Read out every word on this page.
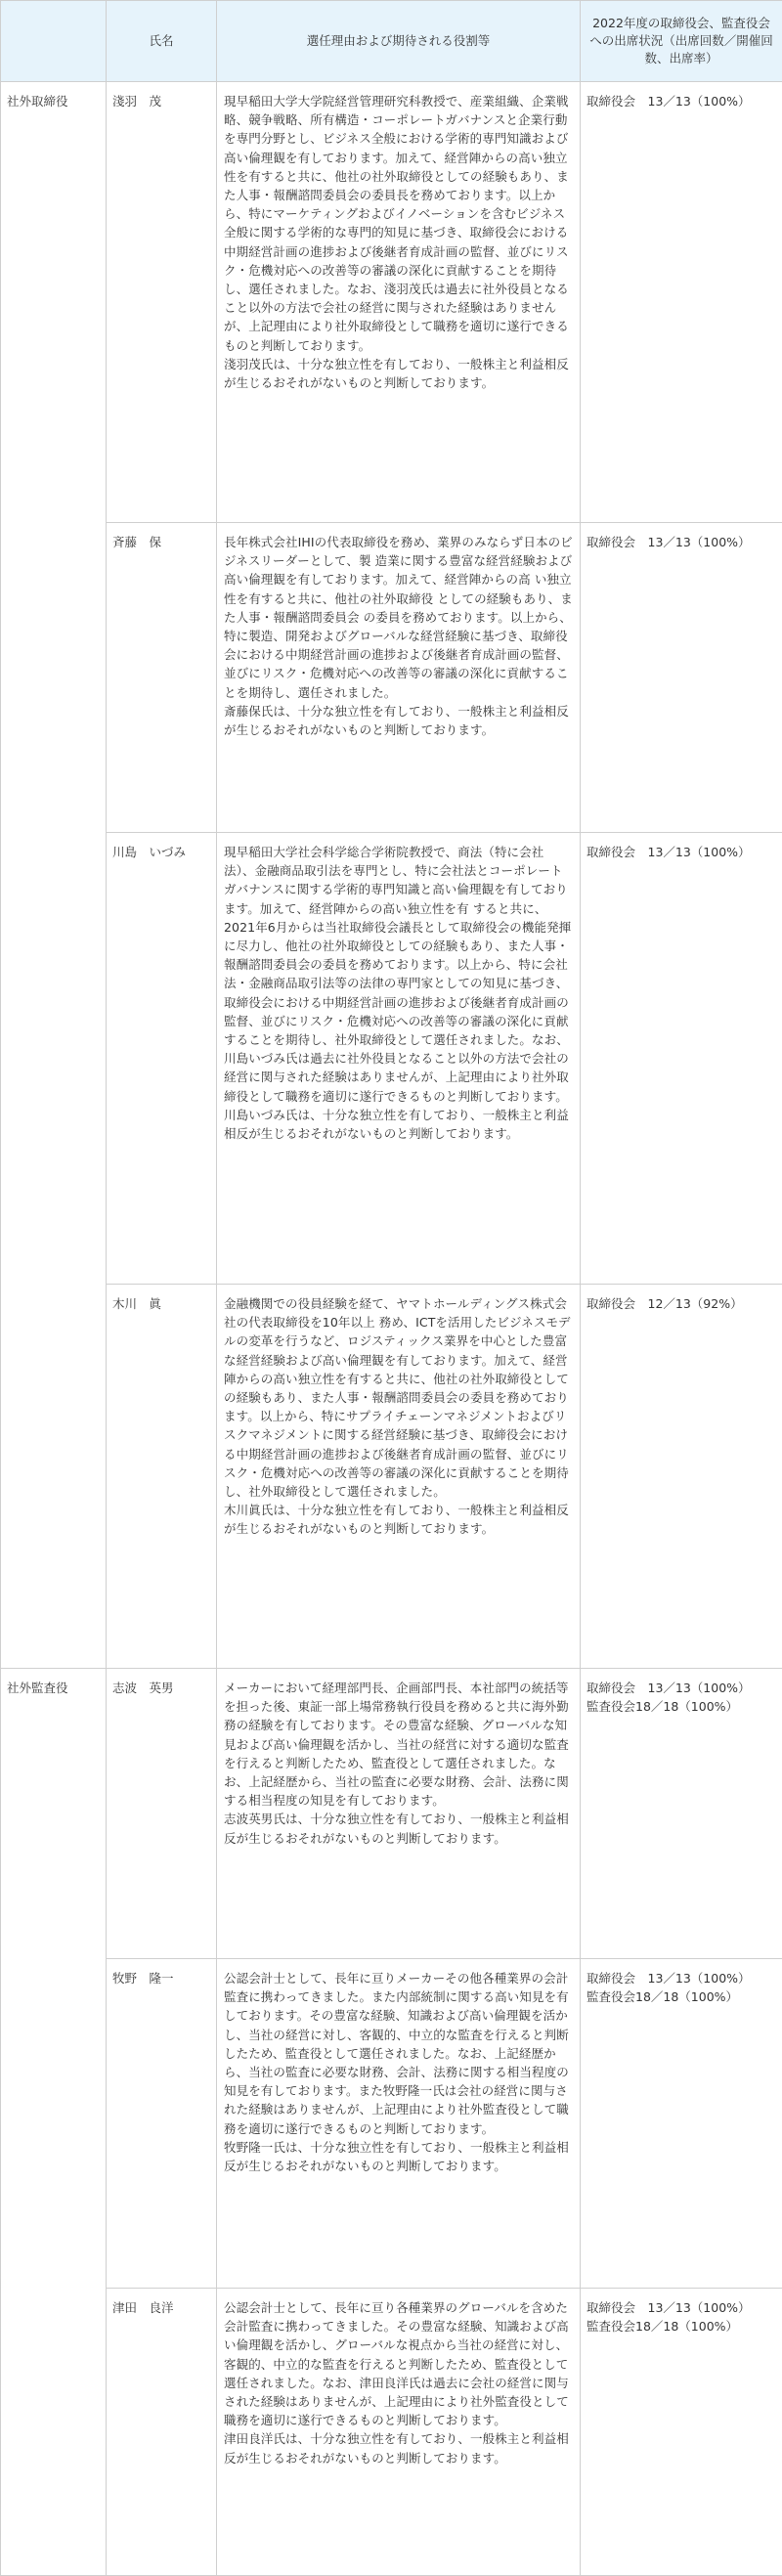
	氏名	選任理由および期待される役割等	2022年度の取締役会、監査役会への出席状況（出席回数／開催回数、出席率）
社外取締役	淺羽　茂	現早稲田大学大学院経営管理研究科教授で、産業組織、企業戦略、競争戦略、所有構造・コーポレートガバナンスと企業行動を専門分野とし、ビジネス全般における学術的専門知識および高い倫理観を有しております。加えて、経営陣からの高い独立性を有すると共に、他社の社外取締役としての経験もあり、また人事・報酬諮問委員会の委員長を務めております。以上から、特にマーケティングおよびイノベーションを含むビジネス全般に関する学術的な専門的知見に基づき、取締役会における中期経営計画の進捗および後継者育成計画の監督、並びにリスク・危機対応への改善等の審議の深化に貢献することを期待し、選任されました。なお、淺羽茂氏は過去に社外役員となること以外の方法で会社の経営に関与された経験はありませんが、上記理由により社外取締役として職務を適切に遂行できるものと判断しております。
淺羽茂氏は、十分な独立性を有しており、一般株主と利益相反が生じるおそれがないものと判断しております。	取締役会　13／13（100%）

	斉藤　保	長年株式会社IHIの代表取締役を務め、業界のみならず日本のビジネスリーダーとして、製 造業に関する豊富な経営経験および高い倫理観を有しております。加えて、経営陣からの高 い独立性を有すると共に、他社の社外取締役 としての経験もあり、また人事・報酬諮問委員会 の委員を務めております。以上から、特に製造、開発およびグローバルな経営経験に基づき、取締役会における中期経営計画の進捗および後継者育成計画の監督、並びにリスク・危機対応への改善等の審議の深化に貢献することを期待し、選任されました。
斎藤保氏は、十分な独立性を有しており、一般株主と利益相反が生じるおそれがないものと判断しております。	取締役会　13／13（100%）

	川島　いづみ	現早稲田大学社会科学総合学術院教授で、商法（特に会社法）、金融商品取引法を専門とし、特に会社法とコーポレートガバナンスに関する学術的専門知識と高い倫理観を有しております。加えて、経営陣からの高い独立性を有 すると共に、2021年6月からは当社取締役会議長として取締役会の機能発揮に尽力し、他社の社外取締役としての経験もあり、また人事・報酬諮問委員会の委員を務めております。以上から、特に会社法・金融商品取引法等の法律の専門家としての知見に基づき、取締役会における中期経営計画の進捗および後継者育成計画の監督、並びにリスク・危機対応への改善等の審議の深化に貢献することを期待し、社外取締役として選任されました。なお、川島いづみ氏は過去に社外役員となること以外の方法で会社の経営に関与された経験はありませんが、上記理由により社外取締役として職務を適切に遂行できるものと判断しております。
川島いづみ氏は、十分な独立性を有しており、一般株主と利益相反が生じるおそれがないものと判断しております。	取締役会　13／13（100%）

	木川　眞	金融機関での役員経験を経て、ヤマトホールディングス株式会社の代表取締役を10年以上 務め、ICTを活用したビジネスモデルの変革を行うなど、ロジスティックス業界を中心とした豊富な経営経験および高い倫理観を有しております。加えて、経営陣からの高い独立性を有すると共に、他社の社外取締役としての経験もあり、また人事・報酬諮問委員会の委員を務めております。以上から、特にサプライチェーンマネジメントおよびリスクマネジメントに関する経営経験に基づき、取締役会における中期経営計画の進捗および後継者育成計画の監督、並びにリスク・危機対応への改善等の審議の深化に貢献することを期待し、社外取締役として選任されました。
木川眞氏は、十分な独立性を有しており、一般株主と利益相反が生じるおそれがないものと判断しております。	取締役会　12／13（92%）

社外監査役	志波　英男	メーカーにおいて経理部門長、企画部門長、本社部門の統括等を担った後、東証一部上場常務執行役員を務めると共に海外勤務の経験を有しております。その豊富な経験、グローバルな知見および高い倫理観を活かし、当社の経営に対する適切な監査を行えると判断したため、監査役として選任されました。なお、上記経歴から、当社の監査に必要な財務、会計、法務に関する相当程度の知見を有しております。
志波英男氏は、十分な独立性を有しており、一般株主と利益相反が生じるおそれがないものと判断しております。	取締役会　13／13（100%）
監査役会18／18（100%）

	牧野　隆一	公認会計士として、長年に亘りメーカーその他各種業界の会計監査に携わってきました。また内部統制に関する高い知見を有しております。その豊富な経験、知識および高い倫理観を活かし、当社の経営に対し、客観的、中立的な監査を行えると判断したため、監査役として選任されました。なお、上記経歴から、当社の監査に必要な財務、会計、法務に関する相当程度の知見を有しております。また牧野隆一氏は会社の経営に関与された経験はありませんが、上記理由により社外監査役として職務を適切に遂行できるものと判断しております。
牧野隆一氏は、十分な独立性を有しており、一般株主と利益相反が生じるおそれがないものと判断しております。	取締役会　13／13（100%）
監査役会18／18（100%）

	津田　良洋	公認会計士として、長年に亘り各種業界のグローバルを含めた会計監査に携わってきました。その豊富な経験、知識および高い倫理観を活かし、グローバルな視点から当社の経営に対し、客観的、中立的な監査を行えると判断したため、監査役として選任されました。なお、津田良洋氏は過去に会社の経営に関与された経験はありませんが、上記理由により社外監査役として職務を適切に遂行できるものと判断しております。
津田良洋氏は、十分な独立性を有しており、一般株主と利益相反が生じるおそれがないものと判断しております。	取締役会　13／13（100%）
監査役会18／18（100%）
